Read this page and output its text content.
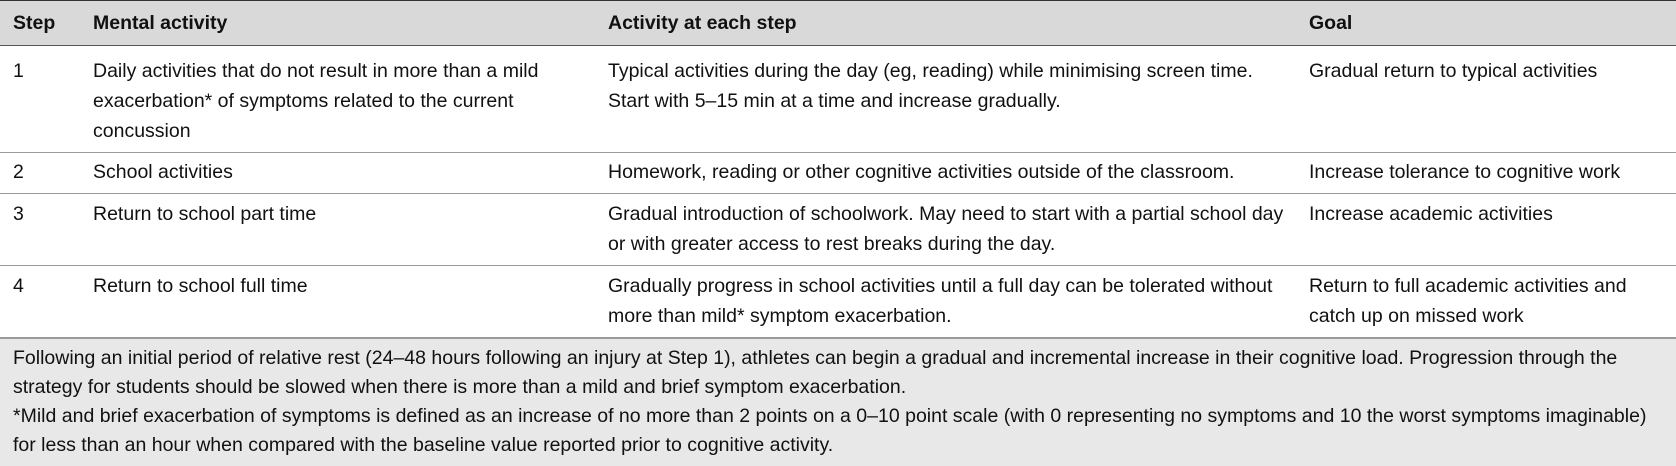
Step	Mental activity	Activity at each step	Goal
1	Daily activities that do not result in more than a mild exacerbation* of symptoms related to the current concussion	Typical activities during the day (eg, reading) while minimising screen time. Start with 5–15 min at a time and increase gradually.	Gradual return to typical activities
2	School activities	Homework, reading or other cognitive activities outside of the classroom.	Increase tolerance to cognitive work
3	Return to school part time	Gradual introduction of schoolwork. May need to start with a partial school day or with greater access to rest breaks during the day.	Increase academic activities
4	Return to school full time	Gradually progress in school activities until a full day can be tolerated without more than mild* symptom exacerbation.	Return to full academic activities and catch up on missed work

Following an initial period of relative rest (24–48 hours following an injury at Step 1), athletes can begin a gradual and incremental increase in their cognitive load. Progression through the strategy for students should be slowed when there is more than a mild and brief symptom exacerbation.

*Mild and brief exacerbation of symptoms is defined as an increase of no more than 2 points on a 0–10 point scale (with 0 representing no symptoms and 10 the worst symptoms imaginable) for less than an hour when compared with the baseline value reported prior to cognitive activity.
